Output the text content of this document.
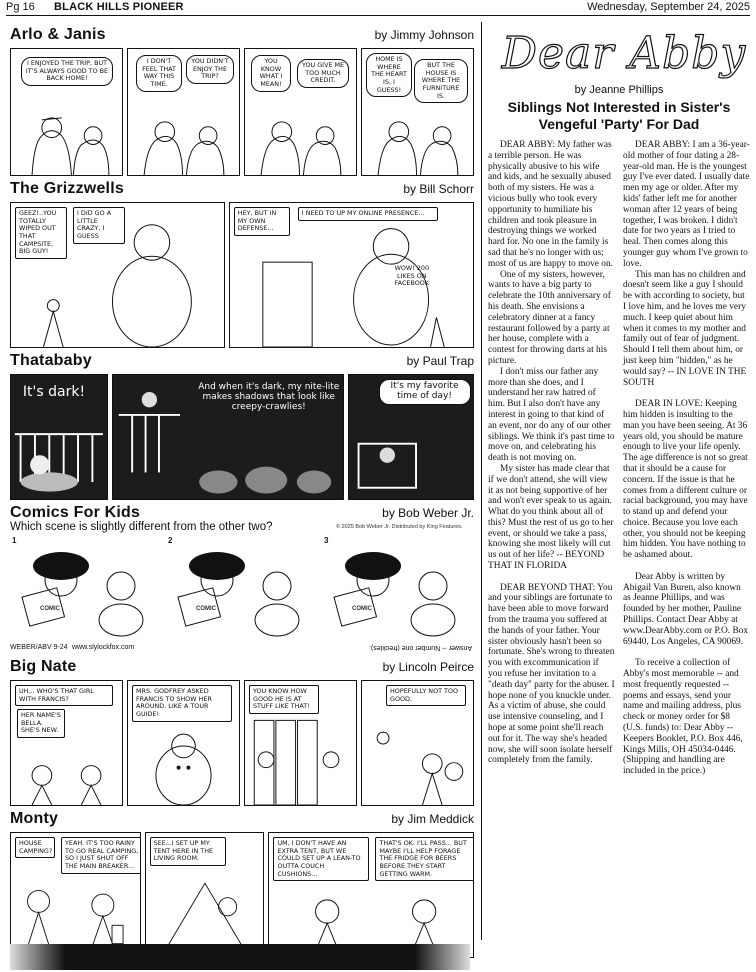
Pg 16 BLACK HILLS PIONEER	Wednesday, September 24, 2025
Arlo & Janis	by Jimmy Johnson
I ENJOYED THE TRIP, BUT IT'S ALWAYS GOOD TO BE BACK HOME!
I DON'T FEEL THAT WAY THIS TIME.
YOU DIDN'T ENJOY THE TRIP?
YOU KNOW WHAT I MEAN!
YOU GIVE ME TOO MUCH CREDIT.
HOME IS WHERE THE HEART IS, I GUESS!
BUT THE HOUSE IS WHERE THE FURNITURE IS.
The Grizzwells	by Bill Schorr
GEEZ!..YOU TOTALLY WIPED OUT THAT CAMPSITE, BIG GUY!
I DID GO A LITTLE CRAZY, I GUESS
HEY, BUT IN MY OWN DEFENSE...
I NEED TO UP MY ONLINE PRESENCE...
WOW! 200 LIKES ON FACEBOOK
Thatababy	by Paul Trap
It's dark!	And when it's dark, my nite-lite makes shadows that look like creepy-crawlies!
It's my favorite time of day!
Comics For Kids	by Bob Weber Jr.
Which scene is slightly different from the other two?	© 2025 Bob Weber Jr. Distributed by King Features.
1
COMIC
2
COMIC
3
COMIC
WEBER/ABV 9-24 www.slylockfox.com	Answer -- Number one (freckles).
Big Nate	by Lincoln Peirce
UH... WHO'S THAT GIRL WITH FRANCIS?
HER NAME'S BELLA. SHE'S NEW.
MRS. GODFREY ASKED FRANCIS TO SHOW HER AROUND. LIKE A TOUR GUIDE!
YOU KNOW HOW GOOD HE IS AT STUFF LIKE THAT!
HOPEFULLY NOT TOO GOOD.
Monty	by Jim Meddick
HOUSE CAMPING?
YEAH. IT'S TOO RAINY TO GO REAL CAMPING, SO I JUST SHUT OFF THE MAIN BREAKER...
SEE...I SET UP MY TENT HERE IN THE LIVING ROOM.
UM, I DON'T HAVE AN EXTRA TENT, BUT WE COULD SET UP A LEAN-TO OUTTA COUCH CUSHIONS...
THAT'S OK. I'LL PASS... BUT MAYBE I'LL HELP FORAGE THE FRIDGE FOR BEERS BEFORE THEY START GETTING WARM.
Dear Abby
by Jeanne Phillips
Siblings Not Interested in Sister's Vengeful 'Party' For Dad

DEAR ABBY: My father was a terrible person. He was physically abusive to his wife and kids, and he sexually abused both of my sisters. He was a vicious bully who took every opportunity to humiliate his children and took pleasure in destroying things we worked hard for. No one in the family is sad that he's no longer with us; most of us are happy to move on.

One of my sisters, however, wants to have a big party to celebrate the 10th anniversary of his death. She envisions a celebratory dinner at a fancy restaurant followed by a party at her house, complete with a contest for throwing darts at his picture.

I don't miss our father any more than she does, and I understand her raw hatred of him. But I also don't have any interest in going to that kind of an event, nor do any of our other siblings. We think it's past time to move on, and celebrating his death is not moving on.

My sister has made clear that if we don't attend, she will view it as not being supportive of her and won't ever speak to us again. What do you think about all of this? Must the rest of us go to her event, or should we take a pass, knowing she most likely will cut us out of her life? -- BEYOND THAT IN FLORIDA

DEAR BEYOND THAT: You and your siblings are fortunate to have been able to move forward from the trauma you suffered at the hands of your father. Your sister obviously hasn't been so fortunate. She's wrong to threaten you with excommunication if you refuse her invitation to a "death day" party for the abuser. I hope none of you knuckle under. As a victim of abuse, she could use intensive counseling, and I hope at some point she'll reach out for it. The way she's headed now, she will soon isolate herself completely from the family.

DEAR ABBY: I am a 36-year-old mother of four dating a 28-year-old man. He is the youngest guy I've ever dated. I usually date men my age or older. After my kids' father left me for another woman after 12 years of being together, I was broken. I didn't date for two years as I tried to heal. Then comes along this younger guy whom I've grown to love.

This man has no children and doesn't seem like a guy I should be with according to society, but I love him, and he loves me very much. I keep quiet about him when it comes to my mother and family out of fear of judgment. Should I tell them about him, or just keep him "hidden," as he would say? -- IN LOVE IN THE SOUTH

DEAR IN LOVE: Keeping him hidden is insulting to the man you have been seeing. At 36 years old, you should be mature enough to live your life openly. The age difference is not so great that it should be a cause for concern. If the issue is that he comes from a different culture or racial background, you may have to stand up and defend your choice. Because you love each other, you should not be keeping him hidden. You have nothing to be ashamed about.

Dear Abby is written by Abigail Van Buren, also known as Jeanne Phillips, and was founded by her mother, Pauline Phillips. Contact Dear Abby at www.DearAbby.com or P.O. Box 69440, Los Angeles, CA 90069.

To receive a collection of Abby's most memorable -- and most frequently requested -- poems and essays, send your name and mailing address, plus check or money order for $8 (U.S. funds) to: Dear Abby -- Keepers Booklet, P.O. Box 446, Kings Mills, OH 45034-0446. (Shipping and handling are included in the price.)
